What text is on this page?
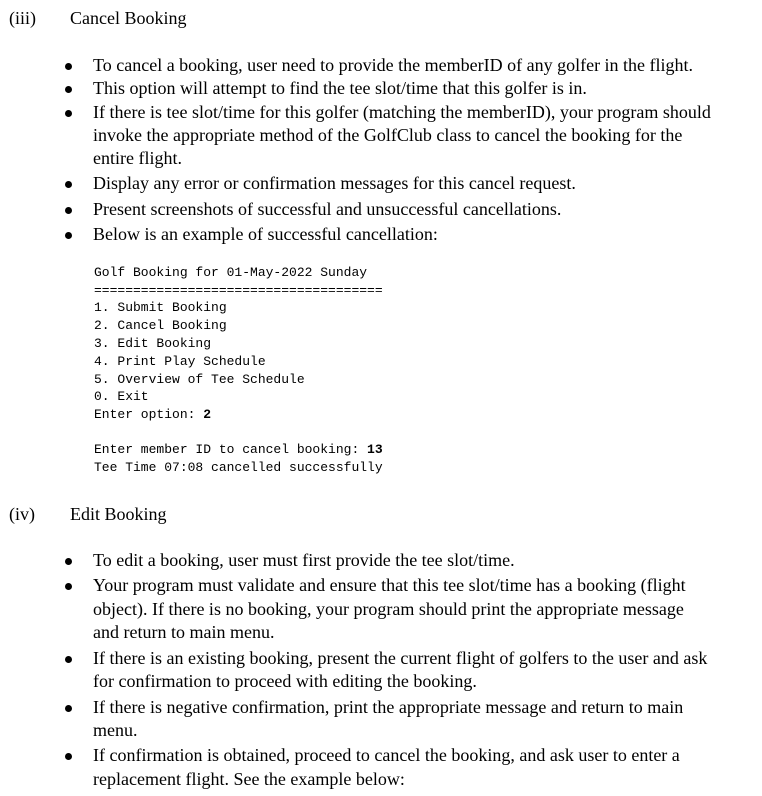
(iii) Cancel Booking
To cancel a booking, user need to provide the memberID of any golfer in the flight.
This option will attempt to find the tee slot/time that this golfer is in.
If there is tee slot/time for this golfer (matching the memberID), your program should invoke the appropriate method of the GolfClub class to cancel the booking for the entire flight.
Display any error or confirmation messages for this cancel request.
Present screenshots of successful and unsuccessful cancellations.
Below is an example of successful cancellation:
Golf Booking for 01-May-2022 Sunday
=====================================
1. Submit Booking
2. Cancel Booking
3. Edit Booking
4. Print Play Schedule
5. Overview of Tee Schedule
0. Exit
Enter option: 2
Enter member ID to cancel booking: 13
Tee Time 07:08 cancelled successfully
(iv) Edit Booking
To edit a booking, user must first provide the tee slot/time.
Your program must validate and ensure that this tee slot/time has a booking (flight object). If there is no booking, your program should print the appropriate message and return to main menu.
If there is an existing booking, present the current flight of golfers to the user and ask for confirmation to proceed with editing the booking.
If there is negative confirmation, print the appropriate message and return to main menu.
If confirmation is obtained, proceed to cancel the booking, and ask user to enter a replacement flight. See the example below:
